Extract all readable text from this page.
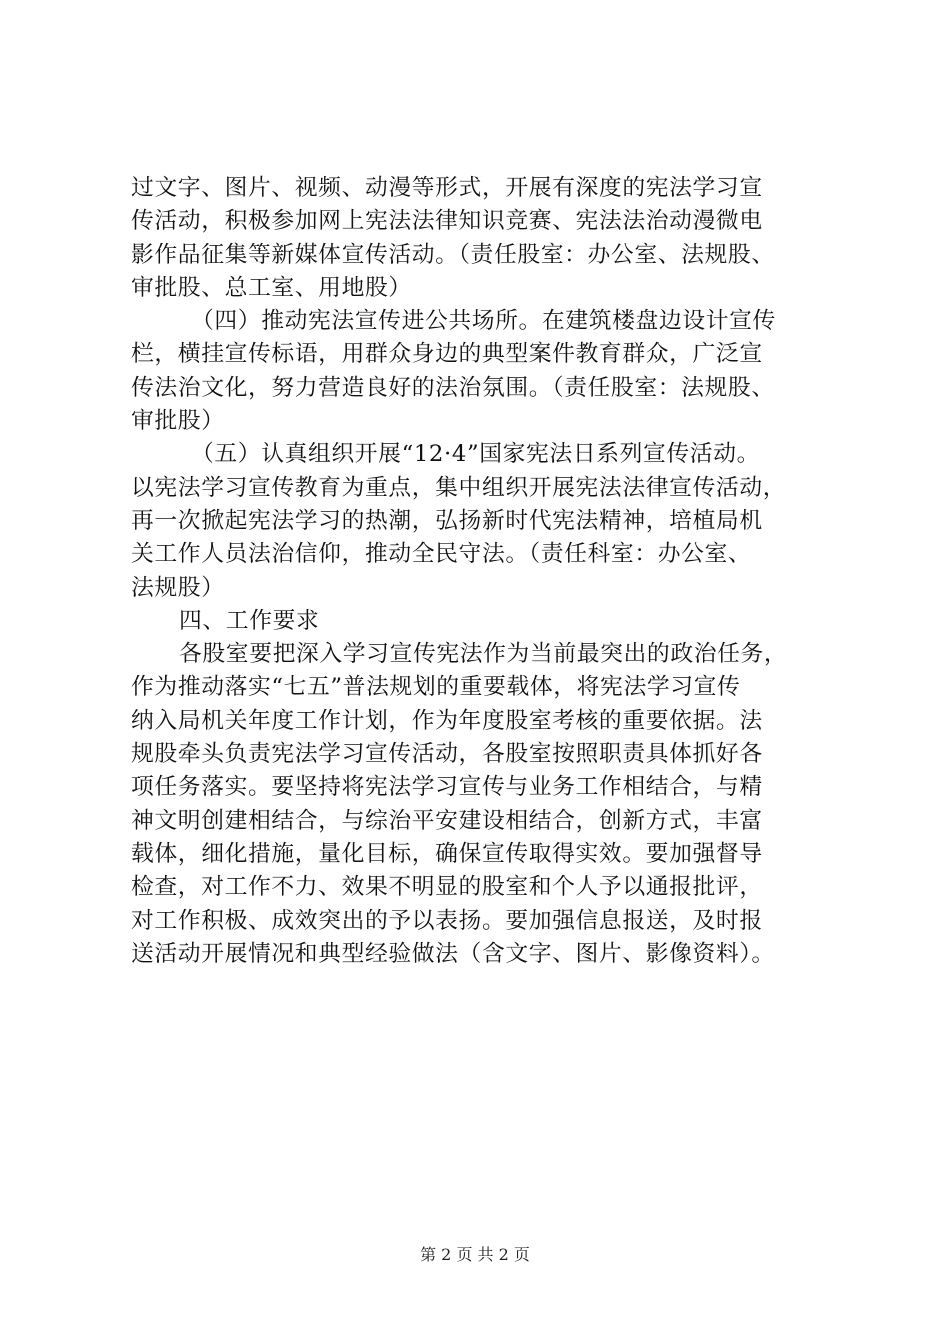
过文字、图片、视频、动漫等形式，开展有深度的宪法学习宣
传活动，积极参加网上宪法法律知识竞赛、宪法法治动漫微电
影作品征集等新媒体宣传活动。（责任股室：办公室、法规股、
审批股、总工室、用地股）
（四）推动宪法宣传进公共场所。在建筑楼盘边设计宣传
栏，横挂宣传标语，用群众身边的典型案件教育群众，广泛宣
传法治文化，努力营造良好的法治氛围。（责任股室：法规股、
审批股）
（五）认真组织开展“12·4”国家宪法日系列宣传活动。
以宪法学习宣传教育为重点，集中组织开展宪法法律宣传活动，
再一次掀起宪法学习的热潮，弘扬新时代宪法精神，培植局机
关工作人员法治信仰，推动全民守法。（责任科室：办公室、
法规股）
四、工作要求
各股室要把深入学习宣传宪法作为当前最突出的政治任务，
作为推动落实“七五”普法规划的重要载体，将宪法学习宣传
纳入局机关年度工作计划，作为年度股室考核的重要依据。法
规股牵头负责宪法学习宣传活动，各股室按照职责具体抓好各
项任务落实。要坚持将宪法学习宣传与业务工作相结合，与精
神文明创建相结合，与综治平安建设相结合，创新方式，丰富
载体，细化措施，量化目标，确保宣传取得实效。要加强督导
检查，对工作不力、效果不明显的股室和个人予以通报批评，
对工作积极、成效突出的予以表扬。要加强信息报送，及时报
送活动开展情况和典型经验做法（含文字、图片、影像资料）。
第 2 页 共 2 页
